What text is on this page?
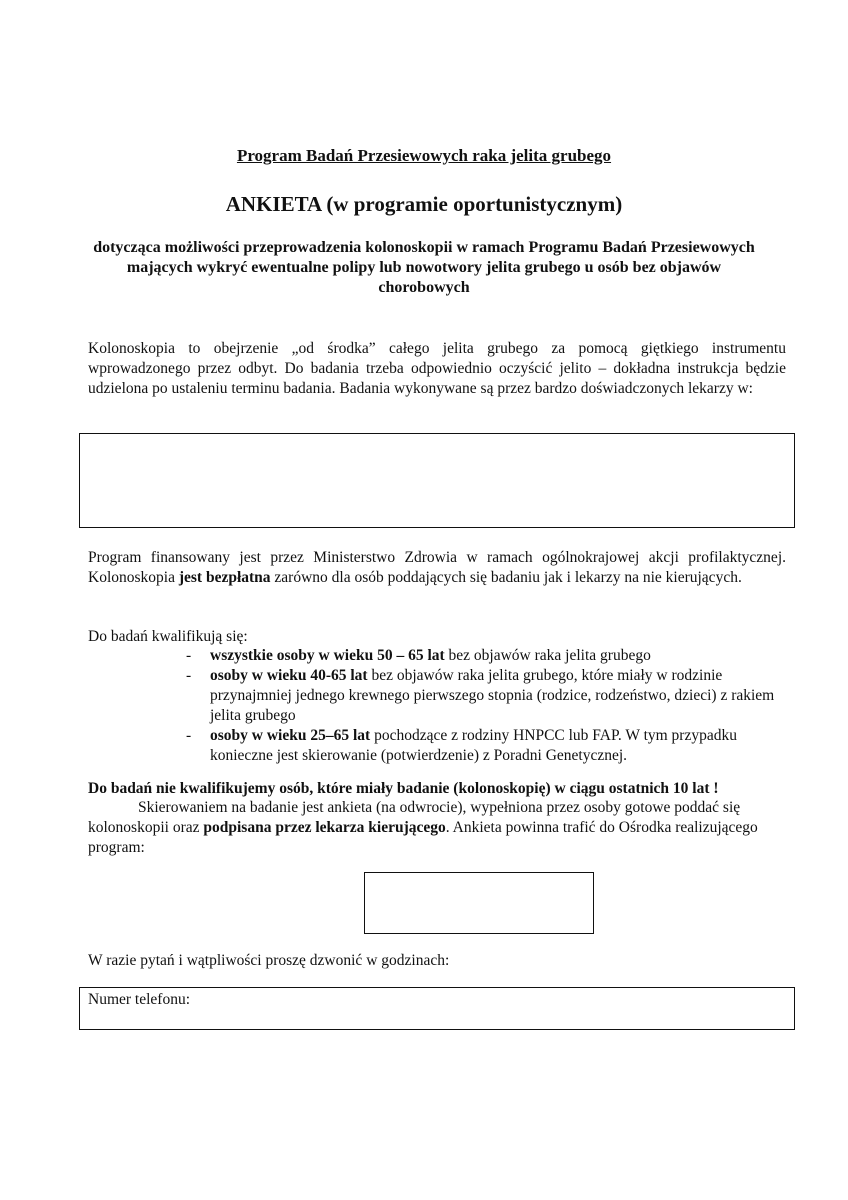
Program Badań Przesiewowych raka jelita grubego
ANKIETA (w programie oportunistycznym)
dotycząca możliwości przeprowadzenia kolonoskopii w ramach Programu Badań Przesiewowych mających wykryć ewentualne polipy lub nowotwory jelita grubego u osób bez objawów chorobowych
Kolonoskopia to obejrzenie „od środka” całego jelita grubego za pomocą giętkiego instrumentu wprowadzonego przez odbyt. Do badania trzeba odpowiednio oczyścić jelito – dokładna instrukcja będzie udzielona po ustaleniu terminu badania. Badania wykonywane są przez bardzo doświadczonych lekarzy w:
Program finansowany jest przez Ministerstwo Zdrowia w ramach ogólnokrajowej akcji profilaktycznej. Kolonoskopia jest bezpłatna zarówno dla osób poddających się badaniu jak i lekarzy na nie kierujących.
Do badań kwalifikują się:
- wszystkie osoby w wieku 50 – 65 lat bez objawów raka jelita grubego
- osoby w wieku 40-65 lat bez objawów raka jelita grubego, które miały w rodzinie przynajmniej jednego krewnego pierwszego stopnia (rodzice, rodzeństwo, dzieci) z rakiem jelita grubego
- osoby w wieku 25–65 lat pochodzące z rodziny HNPCC lub FAP. W tym przypadku konieczne jest skierowanie (potwierdzenie) z Poradni Genetycznej.
Do badań nie kwalifikujemy osób, które miały badanie (kolonoskopię) w ciągu ostatnich 10 lat !
Skierowaniem na badanie jest ankieta (na odwrocie), wypełniona przez osoby gotowe poddać się kolonoskopii oraz podpisana przez lekarza kierującego. Ankieta powinna trafić do Ośrodka realizującego program:
W razie pytań i wątpliwości proszę dzwonić w godzinach:
Numer telefonu:
